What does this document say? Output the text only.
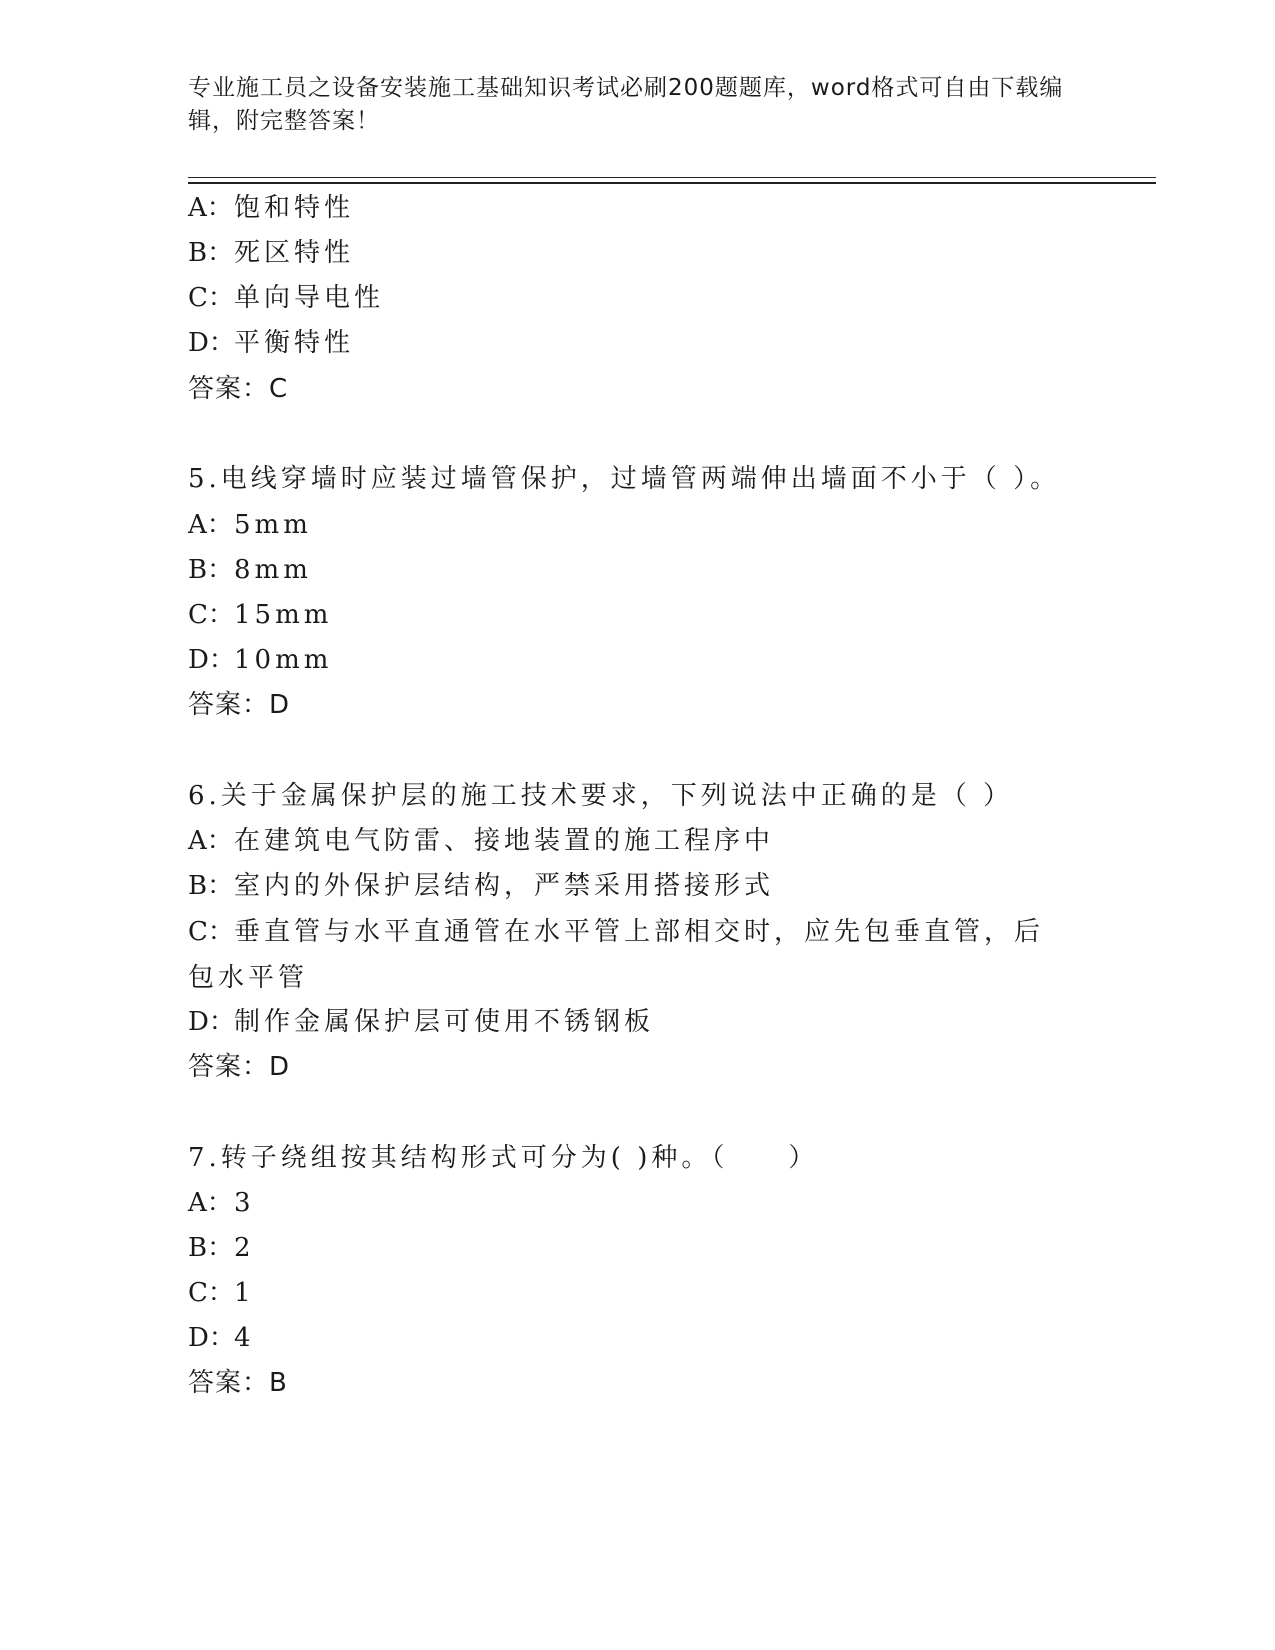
专业施工员之设备安装施工基础知识考试必刷200题题库，word格式可自由下载编辑，附完整答案！
A：饱和特性
B：死区特性
C：单向导电性
D：平衡特性
答案：C
5.电线穿墙时应装过墙管保护，过墙管两端伸出墙面不小于（ ）。
A：5mm
B：8mm
C：15mm
D：10mm
答案：D
6.关于金属保护层的施工技术要求，下列说法中正确的是（ ）
A：在建筑电气防雷、接地装置的施工程序中
B：室内的外保护层结构，严禁采用搭接形式
C：垂直管与水平直通管在水平管上部相交时，应先包垂直管，后包水平管
D：制作金属保护层可使用不锈钢板
答案：D
7.转子绕组按其结构形式可分为( )种。（　　）
A：3
B：2
C：1
D：4
答案：B
